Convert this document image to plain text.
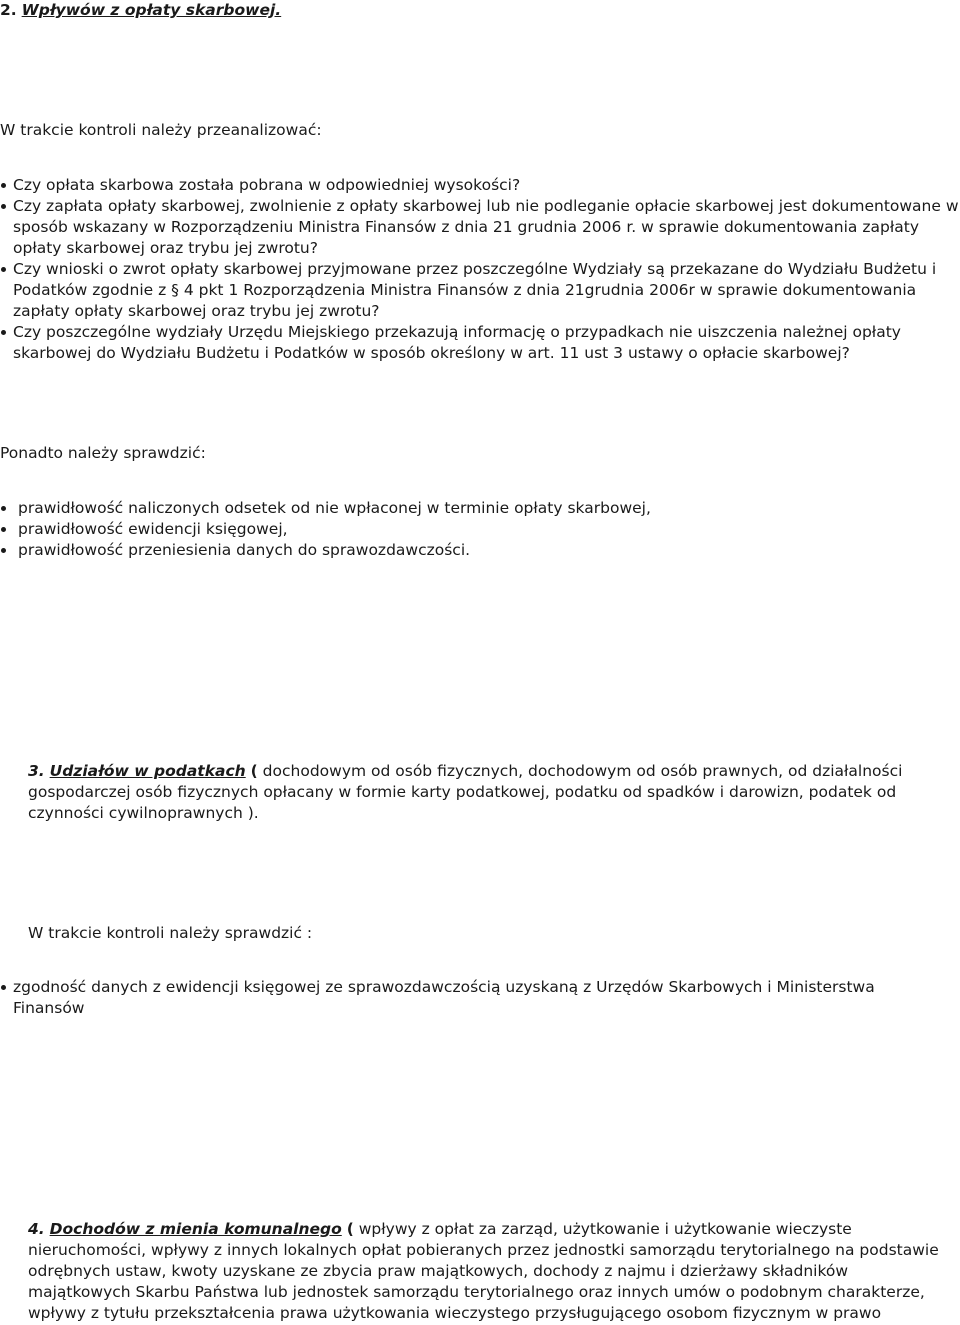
2. Wpływów z opłaty skarbowej.
W trakcie kontroli należy przeanalizować:
Czy opłata skarbowa została pobrana w odpowiedniej wysokości?
Czy zapłata opłaty skarbowej, zwolnienie z opłaty skarbowej lub nie podleganie opłacie skarbowej jest dokumentowane w sposób wskazany w Rozporządzeniu Ministra Finansów z dnia 21 grudnia 2006 r. w sprawie dokumentowania zapłaty opłaty skarbowej oraz trybu jej zwrotu?
Czy wnioski o zwrot opłaty skarbowej przyjmowane przez poszczególne Wydziały są przekazane do Wydziału Budżetu i Podatków zgodnie z § 4 pkt 1 Rozporządzenia Ministra Finansów z dnia 21grudnia 2006r w sprawie dokumentowania zapłaty opłaty skarbowej oraz trybu jej zwrotu?
Czy poszczególne wydziały Urzędu Miejskiego przekazują informację o przypadkach nie uiszczenia należnej opłaty skarbowej do Wydziału Budżetu i Podatków w sposób określony w art. 11 ust 3 ustawy o opłacie skarbowej?
Ponadto należy sprawdzić:
prawidłowość naliczonych odsetek od nie wpłaconej w terminie opłaty skarbowej,
prawidłowość ewidencji księgowej,
prawidłowość przeniesienia danych do sprawozdawczości.
3. Udziałów w podatkach ( dochodowym od osób fizycznych, dochodowym od osób prawnych, od działalności gospodarczej osób fizycznych opłacany w formie karty podatkowej, podatku od spadków i darowizn, podatek od czynności cywilnoprawnych ).
W trakcie kontroli należy sprawdzić :
zgodność danych z ewidencji księgowej ze sprawozdawczością uzyskaną z Urzędów Skarbowych i Ministerstwa Finansów
4. Dochodów z mienia komunalnego ( wpływy z opłat za zarząd, użytkowanie i użytkowanie wieczyste nieruchomości, wpływy z innych lokalnych opłat pobieranych przez jednostki samorządu terytorialnego na podstawie odrębnych ustaw, kwoty uzyskane ze zbycia praw majątkowych, dochody z najmu i dzierżawy składników majątkowych Skarbu Państwa lub jednostek samorządu terytorialnego oraz innych umów o podobnym charakterze, wpływy z tytułu przekształcenia prawa użytkowania wieczystego przysługującego osobom fizycznym w prawo
